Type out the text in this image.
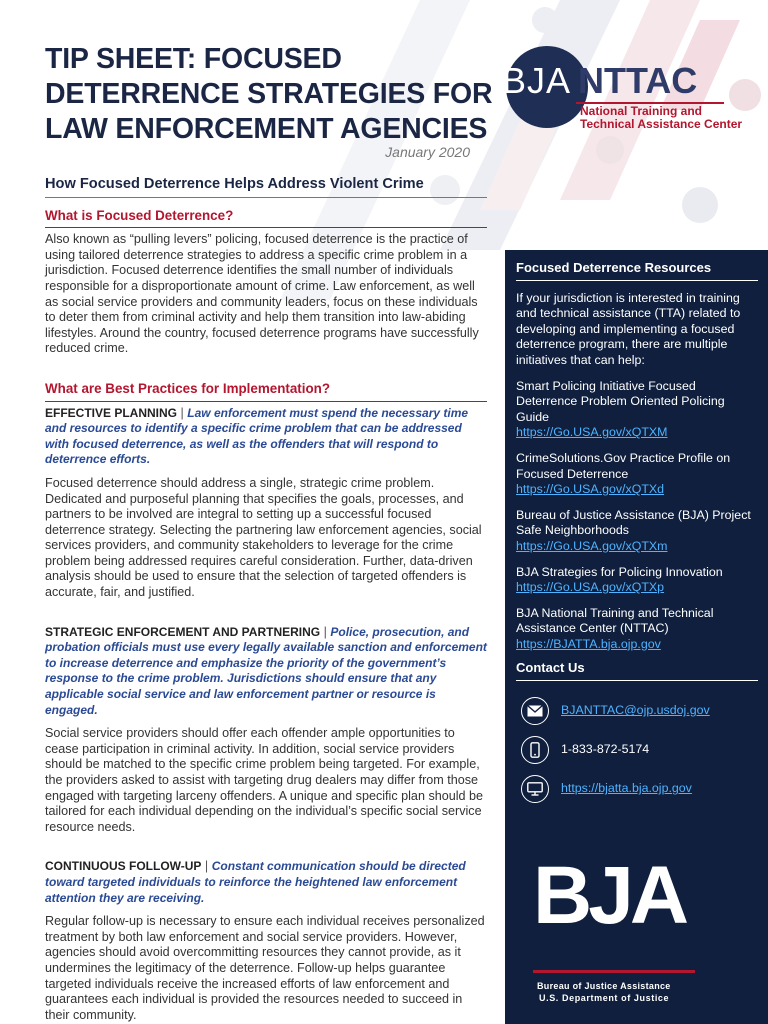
TIP SHEET: FOCUSED
DETERRENCE STRATEGIES FOR
LAW ENFORCEMENT AGENCIES
BJA NTTAC
National Training and
Technical Assistance Center
January 2020
How Focused Deterrence Helps Address Violent Crime
What is Focused Deterrence?

Also known as “pulling levers” policing, focused deterrence is the practice of using tailored deterrence strategies to address a specific crime problem in a jurisdiction. Focused deterrence identifies the small number of individuals responsible for a disproportionate amount of crime. Law enforcement, as well as social service providers and community leaders, focus on these individuals to deter them from criminal activity and help them transition into law-abiding lifestyles. Around the country, focused deterrence programs have successfully reduced crime.

What are Best Practices for Implementation?

EFFECTIVE PLANNING | Law enforcement must spend the necessary time and resources to identify a specific crime problem that can be addressed with focused deterrence, as well as the offenders that will respond to deterrence efforts.

Focused deterrence should address a single, strategic crime problem. Dedicated and purposeful planning that specifies the goals, processes, and partners to be involved are integral to setting up a successful focused deterrence strategy. Selecting the partnering law enforcement agencies, social services providers, and community stakeholders to leverage for the crime problem being addressed requires careful consideration. Further, data-driven analysis should be used to ensure that the selection of targeted offenders is accurate, fair, and justified.

STRATEGIC ENFORCEMENT AND PARTNERING | Police, prosecution, and probation officials must use every legally available sanction and enforcement to increase deterrence and emphasize the priority of the government’s response to the crime problem. Jurisdictions should ensure that any applicable social service and law enforcement partner or resource is engaged.

Social service providers should offer each offender ample opportunities to cease participation in criminal activity. In addition, social service providers should be matched to the specific crime problem being targeted. For example, the providers asked to assist with targeting drug dealers may differ from those engaged with targeting larceny offenders. A unique and specific plan should be tailored for each individual depending on the individual’s specific social service resource needs.

CONTINUOUS FOLLOW-UP | Constant communication should be directed toward targeted individuals to reinforce the heightened law enforcement attention they are receiving.

Regular follow-up is necessary to ensure each individual receives personalized treatment by both law enforcement and social service providers. However, agencies should avoid overcommitting resources they cannot provide, as it undermines the legitimacy of the deterrence. Follow-up helps guarantee targeted individuals receive the increased efforts of law enforcement and guarantees each individual is provided the resources needed to succeed in their community.

Focused Deterrence Resources

If your jurisdiction is interested in training and technical assistance (TTA) related to developing and implementing a focused deterrence program, there are multiple initiatives that can help:

Smart Policing Initiative Focused Deterrence Problem Oriented Policing Guide
https://Go.USA.gov/xQTXM
CrimeSolutions.Gov Practice Profile on Focused Deterrence
https://Go.USA.gov/xQTXd
Bureau of Justice Assistance (BJA) Project Safe Neighborhoods
https://Go.USA.gov/xQTXm
BJA Strategies for Policing Innovation
https://Go.USA.gov/xQTXp
BJA National Training and Technical Assistance Center (NTTAC)
https://BJATTA.bja.ojp.gov
Contact Us
BJANTTAC@ojp.usdoj.gov
1-833-872-5174
https://bjatta.bja.ojp.gov
BJA
Bureau of Justice Assistance
U.S. Department of Justice
